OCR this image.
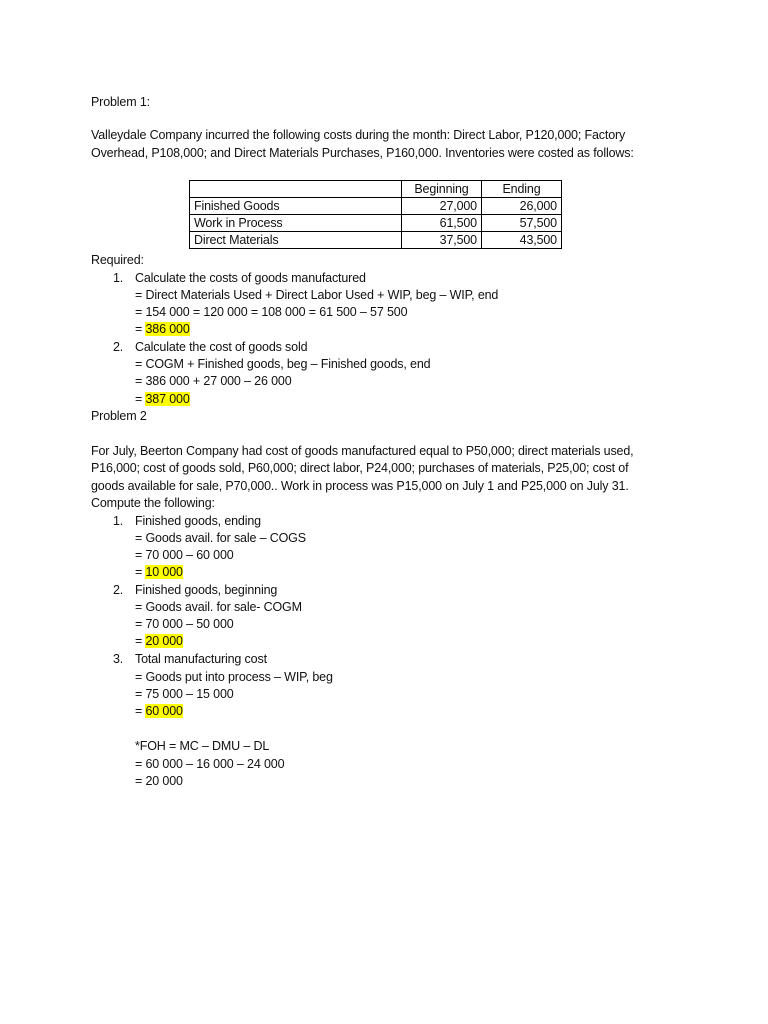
Problem 1:
Valleydale Company incurred the following costs during the month: Direct Labor, P120,000; Factory
Overhead, P108,000; and Direct Materials Purchases, P160,000. Inventories were costed as follows:
	Beginning	Ending
Finished Goods	27,000	26,000
Work in Process	61,500	57,500
Direct Materials	37,500	43,500
Required:
1. Calculate the costs of goods manufactured
= Direct Materials Used + Direct Labor Used + WIP, beg – WIP, end
= 154 000 = 120 000 = 108 000 = 61 500 – 57 500
= 386 000
2. Calculate the cost of goods sold
= COGM + Finished goods, beg – Finished goods, end
= 386 000 + 27 000 – 26 000
= 387 000
Problem 2
For July, Beerton Company had cost of goods manufactured equal to P50,000; direct materials used,
P16,000; cost of goods sold, P60,000; direct labor, P24,000; purchases of materials, P25,00; cost of
goods available for sale, P70,000.. Work in process was P15,000 on July 1 and P25,000 on July 31.
Compute the following:
1. Finished goods, ending
= Goods avail. for sale – COGS
= 70 000 – 60 000
= 10 000
2. Finished goods, beginning
= Goods avail. for sale- COGM
= 70 000 – 50 000
= 20 000
3. Total manufacturing cost
= Goods put into process – WIP, beg
= 75 000 – 15 000
= 60 000
*FOH = MC – DMU – DL
= 60 000 – 16 000 – 24 000
= 20 000
